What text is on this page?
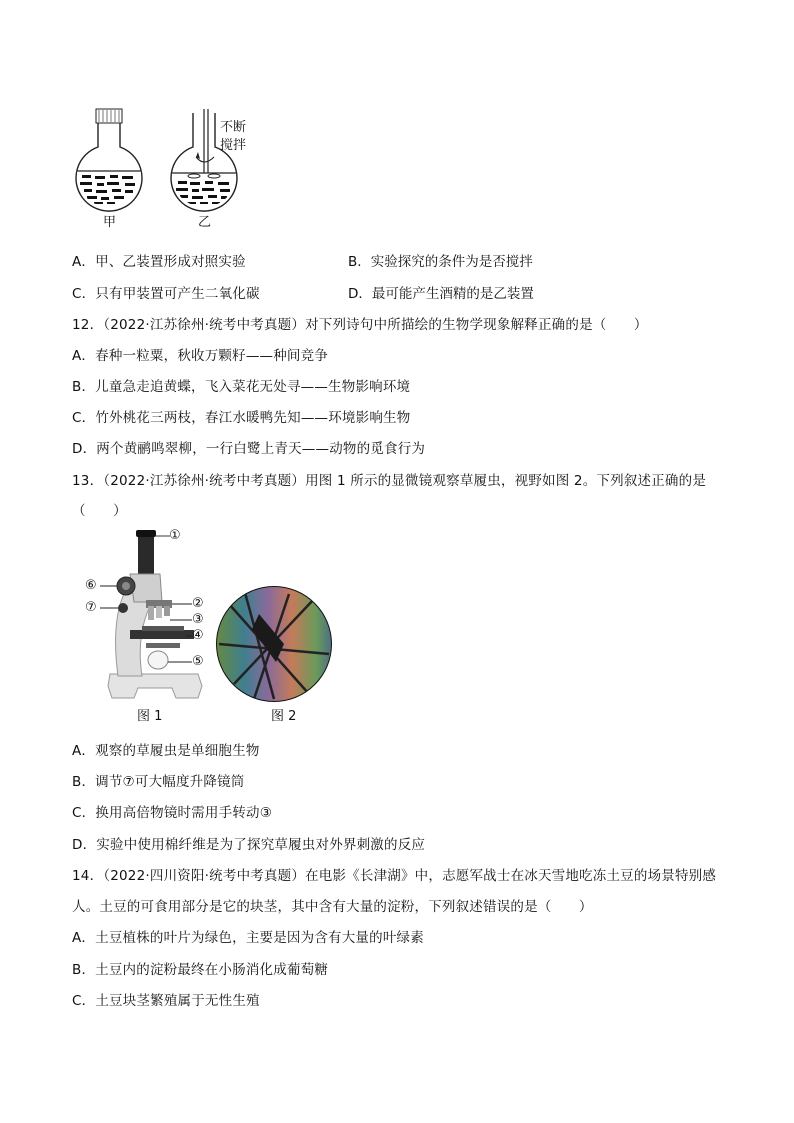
甲	乙
不断
搅拌
A．甲、乙装置形成对照实验	B．实验探究的条件为是否搅拌
C．只有甲装置可产生二氧化碳	D．最可能产生酒精的是乙装置
12．（2022·江苏徐州·统考中考真题）对下列诗句中所描绘的生物学现象解释正确的是（　　）
A．春种一粒粟，秋收万颗籽——种间竞争
B．儿童急走追黄蝶，飞入菜花无处寻——生物影响环境
C．竹外桃花三两枝，春江水暖鸭先知——环境影响生物
D．两个黄鹂鸣翠柳，一行白鹭上青天——动物的觅食行为
13．（2022·江苏徐州·统考中考真题）用图 1 所示的显微镜观察草履虫，视野如图 2。下列叙述正确的是
（　　）
①
⑥
⑦	②
③
④
⑤
图 1	图 2
A．观察的草履虫是单细胞生物
B．调节⑦可大幅度升降镜筒
C．换用高倍物镜时需用手转动③
D．实验中使用棉纤维是为了探究草履虫对外界刺激的反应
14．（2022·四川资阳·统考中考真题）在电影《长津湖》中，志愿军战士在冰天雪地吃冻土豆的场景特别感
人。土豆的可食用部分是它的块茎，其中含有大量的淀粉，下列叙述错误的是（　　）
A．土豆植株的叶片为绿色，主要是因为含有大量的叶绿素
B．土豆内的淀粉最终在小肠消化成葡萄糖
C．土豆块茎繁殖属于无性生殖
